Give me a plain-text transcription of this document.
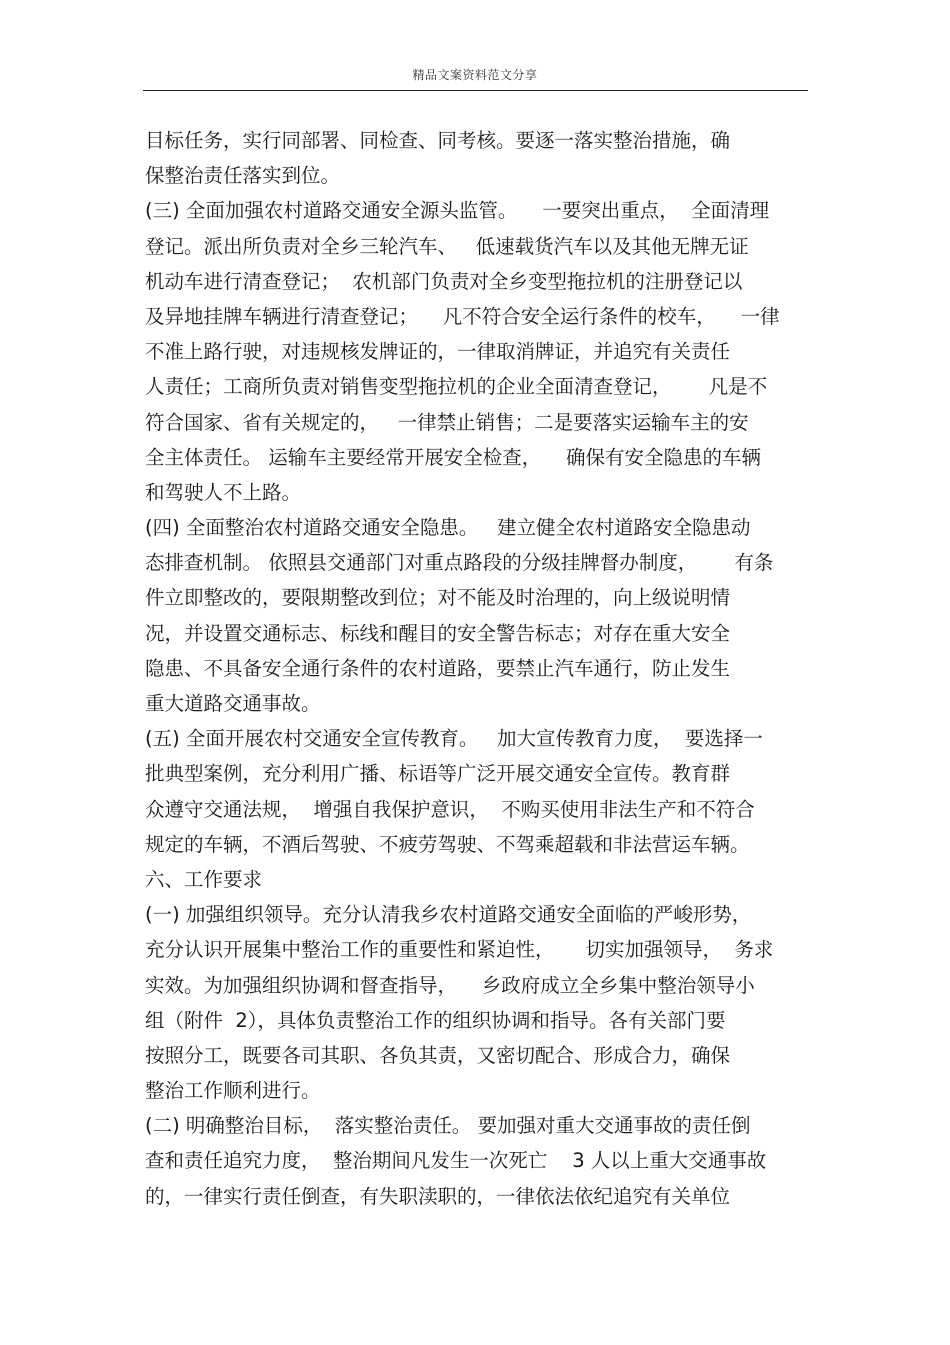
精品文案资料范文分享
目标任务，实行同部署、同检查、同考核。要逐一落实整治措施，确
保整治责任落实到位。
(三) 全面加强农村道路交通安全源头监管。    一要突出重点，  全面清理
登记。派出所负责对全乡三轮汽车、   低速载货汽车以及其他无牌无证
机动车进行清查登记；  农机部门负责对全乡变型拖拉机的注册登记以
及异地挂牌车辆进行清查登记；    凡不符合安全运行条件的校车，    一律
不准上路行驶，对违规核发牌证的，一律取消牌证，并追究有关责任
人责任；工商所负责对销售变型拖拉机的企业全面清查登记，      凡是不
符合国家、省有关规定的，   一律禁止销售；二是要落实运输车主的安
全主体责任。 运输车主要经常开展安全检查，    确保有安全隐患的车辆
和驾驶人不上路。
(四) 全面整治农村道路交通安全隐患。   建立健全农村道路安全隐患动
态排查机制。 依照县交通部门对重点路段的分级挂牌督办制度，      有条
件立即整改的，要限期整改到位；对不能及时治理的，向上级说明情
况，并设置交通标志、标线和醒目的安全警告标志；对存在重大安全
隐患、不具备安全通行条件的农村道路，要禁止汽车通行，防止发生
重大道路交通事故。
(五) 全面开展农村交通安全宣传教育。   加大宣传教育力度，  要选择一
批典型案例，充分利用广播、标语等广泛开展交通安全宣传。教育群
众遵守交通法规，  增强自我保护意识，  不购买使用非法生产和不符合
规定的车辆，不酒后驾驶、不疲劳驾驶、不驾乘超载和非法营运车辆。
六、工作要求
(一) 加强组织领导。充分认清我乡农村道路交通安全面临的严峻形势，
充分认识开展集中整治工作的重要性和紧迫性，     切实加强领导，  务求
实效。为加强组织协调和督查指导，    乡政府成立全乡集中整治领导小
组（附件  2），具体负责整治工作的组织协调和指导。各有关部门要
按照分工，既要各司其职、各负其责，又密切配合、形成合力，确保
整治工作顺利进行。
(二) 明确整治目标，  落实整治责任。 要加强对重大交通事故的责任倒
查和责任追究力度，  整治期间凡发生一次死亡    3 人以上重大交通事故
的，一律实行责任倒查，有失职渎职的，一律依法依纪追究有关单位
